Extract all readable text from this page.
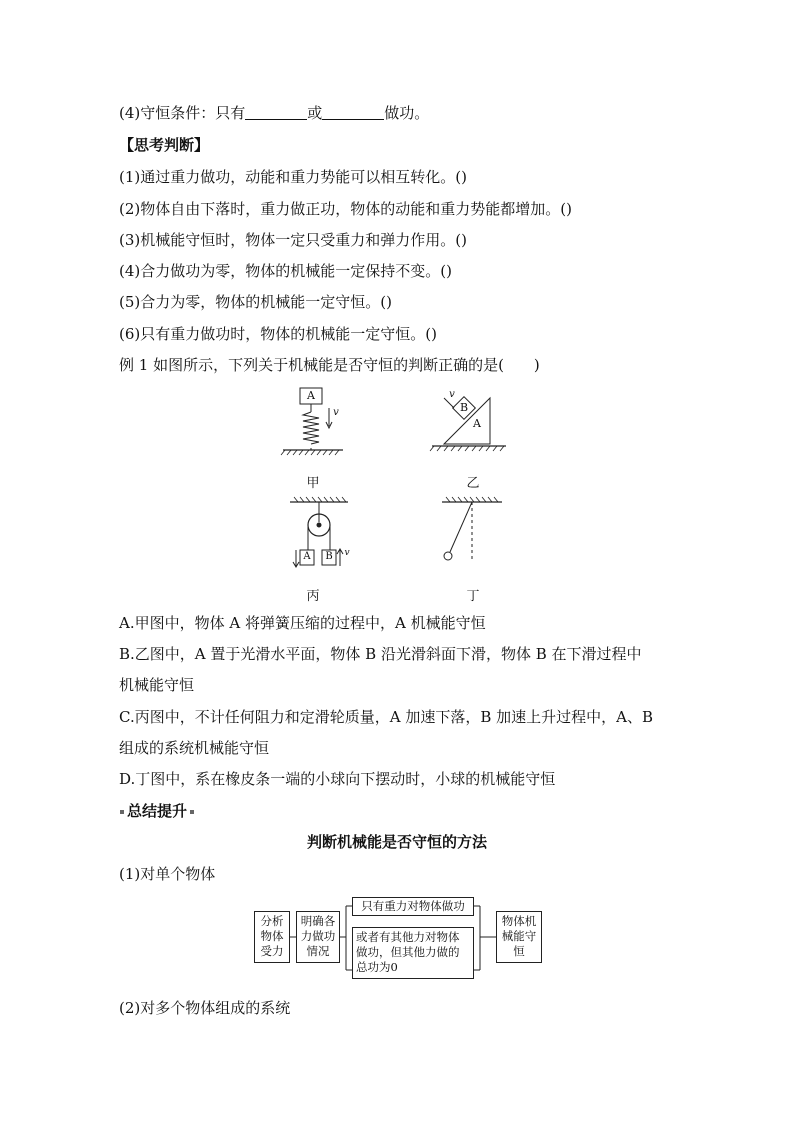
(4)守恒条件：只有	或	做功。
【思考判断】
(1)通过重力做功，动能和重力势能可以相互转化。()
(2)物体自由下落时，重力做正功，物体的动能和重力势能都增加。()
(3)机械能守恒时，物体一定只受重力和弹力作用。()
(4)合力做功为零，物体的机械能一定保持不变。()
(5)合力为零，物体的机械能一定守恒。()
(6)只有重力做功时，物体的机械能一定守恒。()
例 1 如图所示，下列关于机械能是否守恒的判断正确的是(　　)
A
v
v
B
A
A	B	v
甲	乙
丙	丁
A.甲图中，物体 A 将弹簧压缩的过程中，A 机械能守恒
B.乙图中，A 置于光滑水平面，物体 B 沿光滑斜面下滑，物体 B 在下滑过程中
机械能守恒
C.丙图中，不计任何阻力和定滑轮质量，A 加速下落，B 加速上升过程中，A、B
组成的系统机械能守恒
D.丁图中，系在橡皮条一端的小球向下摆动时，小球的机械能守恒
总结提升
判断机械能是否守恒的方法
(1)对单个物体
分析物体受力
明确各力做功情况
只有重力对物体做功
或者有其他力对物体做功，但其他力做的总功为0
物体机械能守恒
(2)对多个物体组成的系统
